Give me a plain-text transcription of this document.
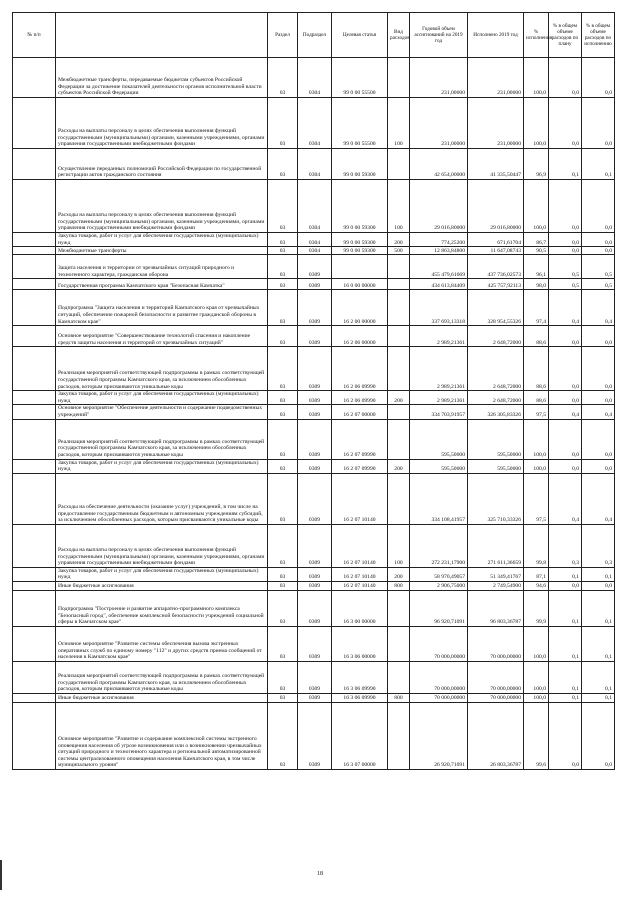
№ п/п		Раздел	Подраздел	Целевая статья	Вид расходов	Годовой объем ассигнований на 2019 год	Исполнено 2019 год	% исполнения	% в общем объеме расходов по плану	% в общем объеме расходов по исполнению
	Межбюджетные трансферты, передаваемые бюджетам субъектов Российской Федерации за достижение показателей деятельности органов исполнительной власти субъектов Российской Федерации	03	0304	99 0 00 55500		231,00000	231,00000	100,0	0,0	0,0
	Расходы на выплаты персоналу в целях обеспечения выполнения функций государственными (муниципальными) органами, казенными учреждениями, органами управления государственными внебюджетными фондами	03	0304	99 0 00 55500	100	231,00000	231,00000	100,0	0,0	0,0
	Осуществление переданных полномочий Российской Федерации по государственной регистрации актов гражданского состояния	03	0304	99 0 00 59300		42 654,00000	41 335,50447	96,9	0,1	0,1
	Расходы на выплаты персоналу в целях обеспечения выполнения функций государственными (муниципальными) органами, казенными учреждениями, органами управления государственными внебюджетными фондами	03	0304	99 0 00 59300	100	29 016,80000	29 016,80000	100,0	0,0	0,0
	Закупка товаров, работ и услуг для обеспечения государственных (муниципальных) нужд	03	0304	99 0 00 59300	200	774,25200	671,61704	86,7	0,0	0,0
	Межбюджетные трансферты	03	0304	99 0 00 59300	500	12 863,84800	11 647,08743	90,5	0,0	0,0
	Защита населения и территории от чрезвычайных ситуаций природного и техногенного характера, гражданская оборона	03	0309			455 479,61669	437 736,02573	96,1	0,5	0,5
	Государственная программа Камчатского края "Безопасная Камчатка"	03	0309	16 0 00 00000		434 613,84409	425 757,92113	98,0	0,5	0,5
	Подпрограмма "Защита населения и территорий Камчатского края от чрезвычайных ситуаций, обеспечение пожарной безопасности и развитие гражданской обороны в Камчатском крае"	03	0309	16 2 00 00000		337 693,13318	328 954,55326	97,4	0,4	0,4
	Основное мероприятие "Совершенствование технологий спасения и накопление средств защиты населения и территорий от чрезвычайных ситуаций"	03	0309	16 2 06 00000		2 989,21361	2 648,72000	88,6	0,0	0,0
	Реализация мероприятий соответствующей подпрограммы в рамках соответствующей государственной программы Камчатского края, за исключением обособленных расходов, которым присваиваются уникальные коды	03	0309	16 2 06 09990		2 989,21361	2 648,72000	88,6	0,0	0,0
	Закупка товаров, работ и услуг для обеспечения государственных (муниципальных) нужд	03	0309	16 2 06 09990	200	2 989,21361	2 648,72000	88,6	0,0	0,0
	Основное мероприятие "Обеспечение деятельности и содержание подведомственных учреждений"	03	0309	16 2 07 00000		334 703,91957	326 305,83326	97,5	0,4	0,4
	Реализация мероприятий соответствующей подпрограммы в рамках соответствующей государственной программы Камчатского края, за исключением обособленных расходов, которым присваиваются уникальные коды	03	0309	16 2 07 09990		595,50000	595,50000	100,0	0,0	0,0
	Закупка товаров, работ и услуг для обеспечения государственных (муниципальных) нужд	03	0309	16 2 07 09990	200	595,50000	595,50000	100,0	0,0	0,0
	Расходы на обеспечение деятельности (оказание услуг) учреждений, в том числе на предоставление государственным бюджетным и автономным учреждениям субсидий, за исключением обособленных расходов, которым присваиваются уникальные коды	03	0309	16 2 07 10140		334 108,41957	325 710,33326	97,5	0,4	0,4
	Расходы на выплаты персоналу в целях обеспечения выполнения функций государственными (муниципальными) органами, казенными учреждениями, органами управления государственными внебюджетными фондами	03	0309	16 2 07 10140	100	272 231,17900	271 611,36659	99,8	0,3	0,3
	Закупка товаров, работ и услуг для обеспечения государственных (муниципальных) нужд	03	0309	16 2 07 10140	200	58 970,49057	51 349,41767	87,1	0,1	0,1
	Иные бюджетные ассигнования	03	0309	16 2 07 10140	800	2 906,75000	2 749,54900	94,6	0,0	0,0
	Подпрограмма "Построение и развитие аппаратно-программного комплекса "Безопасный город", обеспечение комплексной безопасности учреждений социальной сферы в Камчатском крае"	03	0309	16 3 00 00000		96 920,71091	96 803,36787	99,9	0,1	0,1
	Основное мероприятие "Развитие системы обеспечения вызова экстренных оперативных служб по единому номеру "112" и других средств приема сообщений от населения в Камчатском крае"	03	0309	16 3 06 00000		70 000,00000	70 000,00000	100,0	0,1	0,1
	Реализация мероприятий соответствующей подпрограммы в рамках соответствующей государственной программы Камчатского края, за исключением обособленных расходов, которым присваиваются уникальные коды	03	0309	16 3 06 09990		70 000,00000	70 000,00000	100,0	0,1	0,1
	Иные бюджетные ассигнования	03	0309	16 3 06 09990	800	70 000,00000	70 000,00000	100,0	0,1	0,1
	Основное мероприятие "Развитие и содержание комплексной системы экстренного оповещения населения об угрозе возникновения или о возникновении чрезвычайных ситуаций природного и техногенного характера и региональной автоматизированной системы централизованного оповещения населения Камчатского края, в том числе муниципального уровня"	03	0309	16 3 07 00000		26 920,71091	26 803,36787	99,6	0,0	0,0
18
